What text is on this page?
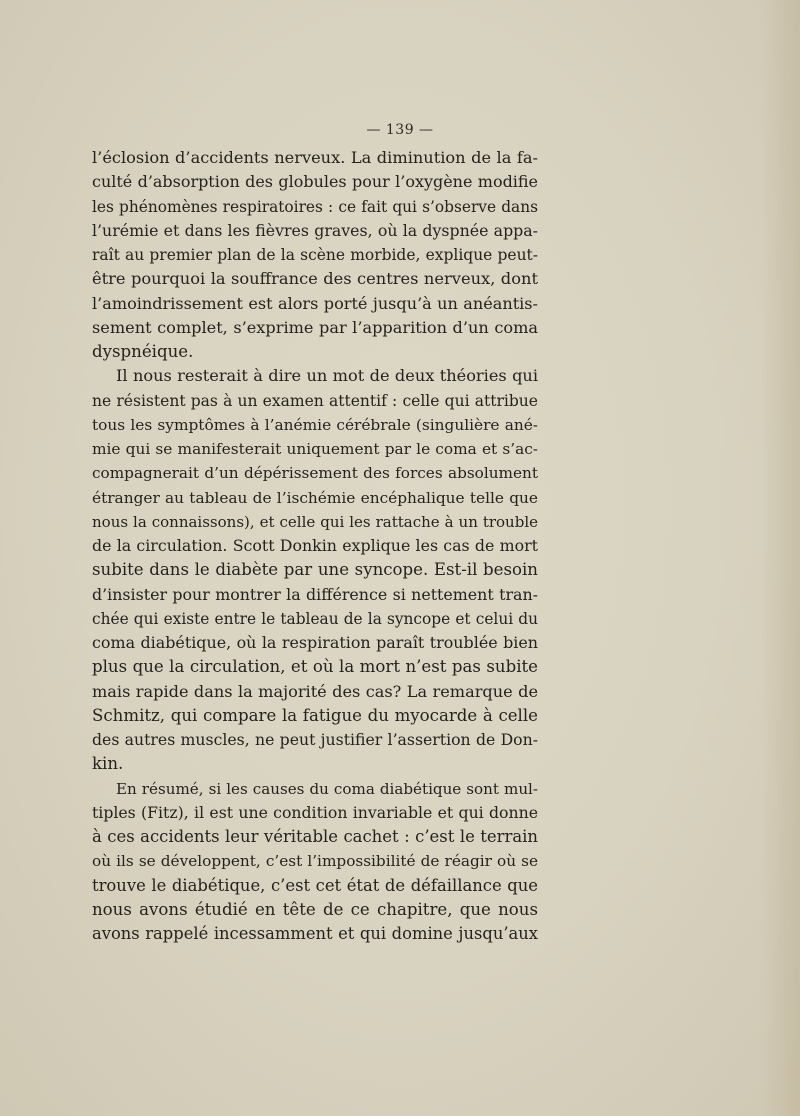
— 139 —
l’éclosion d’accidents nerveux. La diminution de la fa-
culté d’absorption des globules pour l’oxygène modifie
les phénomènes respiratoires : ce fait qui s’observe dans
l’urémie et dans les fièvres graves, où la dyspnée appa-
raît au premier plan de la scène morbide, explique peut-
être pourquoi la souffrance des centres nerveux, dont
l’amoindrissement est alors porté jusqu’à un anéantis-
sement complet, s’exprime par l’apparition d’un coma
dyspnéique.
Il nous resterait à dire un mot de deux théories qui
ne résistent pas à un examen attentif : celle qui attribue
tous les symptômes à l’anémie cérébrale (singulière ané-
mie qui se manifesterait uniquement par le coma et s’ac-
compagnerait d’un dépérissement des forces absolument
étranger au tableau de l’ischémie encéphalique telle que
nous la connaissons), et celle qui les rattache à un trouble
de la circulation. Scott Donkin explique les cas de mort
subite dans le diabète par une syncope. Est-il besoin
d’insister pour montrer la différence si nettement tran-
chée qui existe entre le tableau de la syncope et celui du
coma diabétique, où la respiration paraît troublée bien
plus que la circulation, et où la mort n’est pas subite
mais rapide dans la majorité des cas? La remarque de
Schmitz, qui compare la fatigue du myocarde à celle
des autres muscles, ne peut justifier l’assertion de Don-
kin.
En résumé, si les causes du coma diabétique sont mul-
tiples (Fitz), il est une condition invariable et qui donne
à ces accidents leur véritable cachet : c’est le terrain
où ils se développent, c’est l’impossibilité de réagir où se
trouve le diabétique, c’est cet état de défaillance que
nous avons étudié en tête de ce chapitre, que nous
avons rappelé incessamment et qui domine jusqu’aux
